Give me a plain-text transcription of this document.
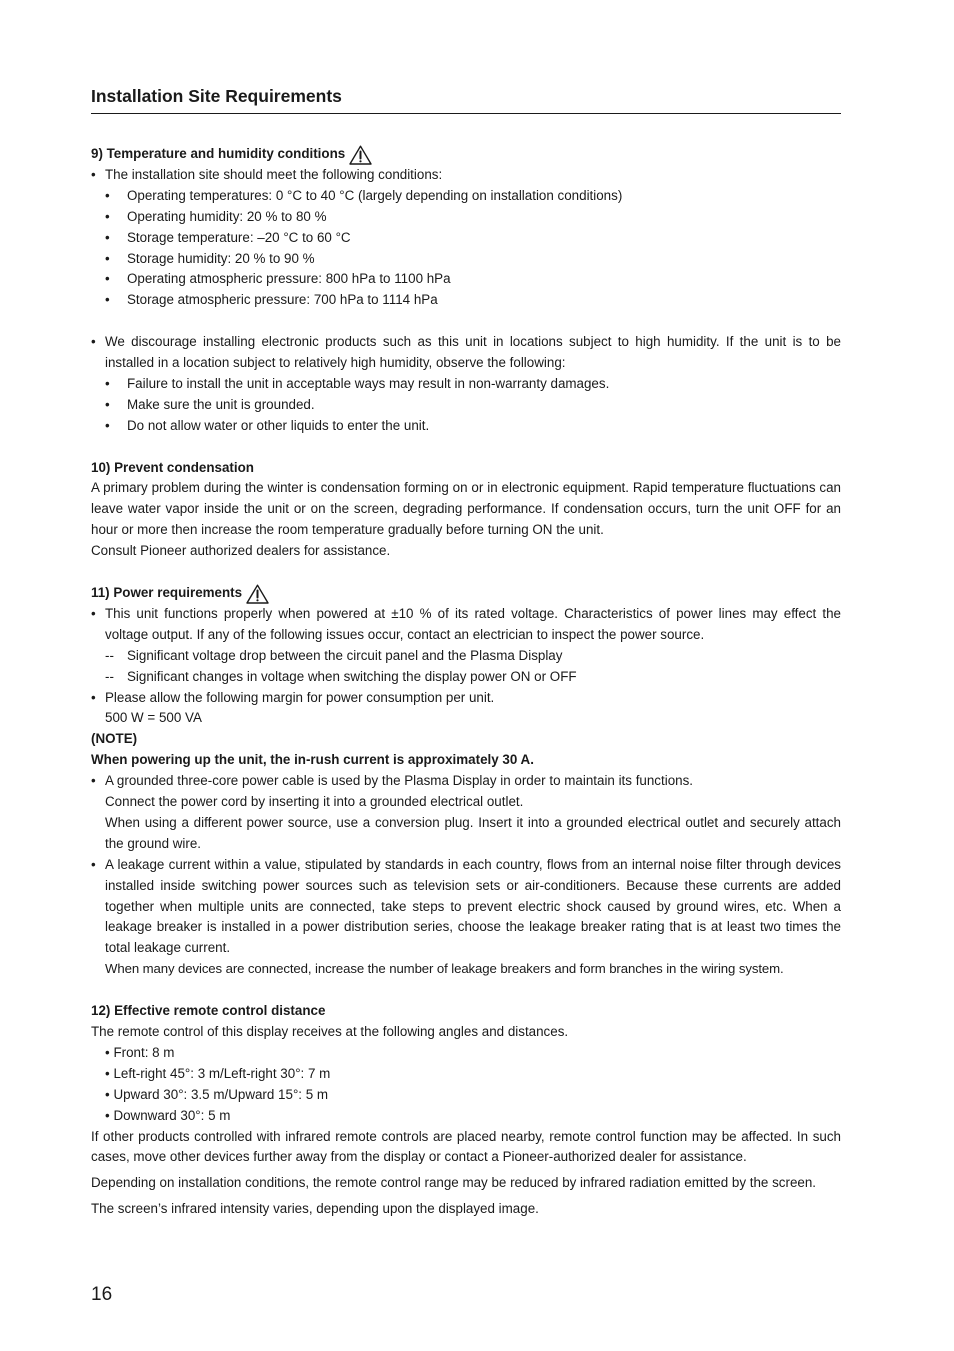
Installation Site Requirements
9) Temperature and humidity conditions
• The installation site should meet the following conditions:
• Operating temperatures: 0 °C to 40 °C (largely depending on installation conditions)
• Operating humidity: 20 % to 80 %
• Storage temperature: –20 °C to 60 °C
• Storage humidity: 20 % to 90 %
• Operating atmospheric pressure: 800 hPa to 1100 hPa
• Storage atmospheric pressure: 700 hPa to 1114 hPa
• We discourage installing electronic products such as this unit in locations subject to high humidity. If the unit is to be installed in a location subject to relatively high humidity, observe the following:
• Failure to install the unit in acceptable ways may result in non-warranty damages.
• Make sure the unit is grounded.
• Do not allow water or other liquids to enter the unit.
10) Prevent condensation
A primary problem during the winter is condensation forming on or in electronic equipment. Rapid temperature fluctuations can leave water vapor inside the unit or on the screen, degrading performance. If condensation occurs, turn the unit OFF for an hour or more then increase the room temperature gradually before turning ON the unit.
Consult Pioneer authorized dealers for assistance.
11) Power requirements
• This unit functions properly when powered at ±10 % of its rated voltage. Characteristics of power lines may effect the voltage output. If any of the following issues occur, contact an electrician to inspect the power source.
-- Significant voltage drop between the circuit panel and the Plasma Display
-- Significant changes in voltage when switching the display power ON or OFF
• Please allow the following margin for power consumption per unit.
500 W = 500 VA
(NOTE)
When powering up the unit, the in-rush current is approximately 30 A.
• A grounded three-core power cable is used by the Plasma Display in order to maintain its functions.
Connect the power cord by inserting it into a grounded electrical outlet.
When using a different power source, use a conversion plug. Insert it into a grounded electrical outlet and securely attach the ground wire.
• A leakage current within a value, stipulated by standards in each country, flows from an internal noise filter through devices installed inside switching power sources such as television sets or air-conditioners. Because these currents are added together when multiple units are connected, take steps to prevent electric shock caused by ground wires, etc. When a leakage breaker is installed in a power distribution series, choose the leakage breaker rating that is at least two times the total leakage current.
When many devices are connected, increase the number of leakage breakers and form branches in the wiring system.
12) Effective remote control distance
The remote control of this display receives at the following angles and distances.
• Front: 8 m
• Left-right 45°: 3 m/Left-right 30°: 7 m
• Upward 30°: 3.5 m/Upward 15°: 5 m
• Downward 30°: 5 m
If other products controlled with infrared remote controls are placed nearby, remote control function may be affected. In such cases, move other devices further away from the display or contact a Pioneer-authorized dealer for assistance.
Depending on installation conditions, the remote control range may be reduced by infrared radiation emitted by the screen.
The screen’s infrared intensity varies, depending upon the displayed image.
16
